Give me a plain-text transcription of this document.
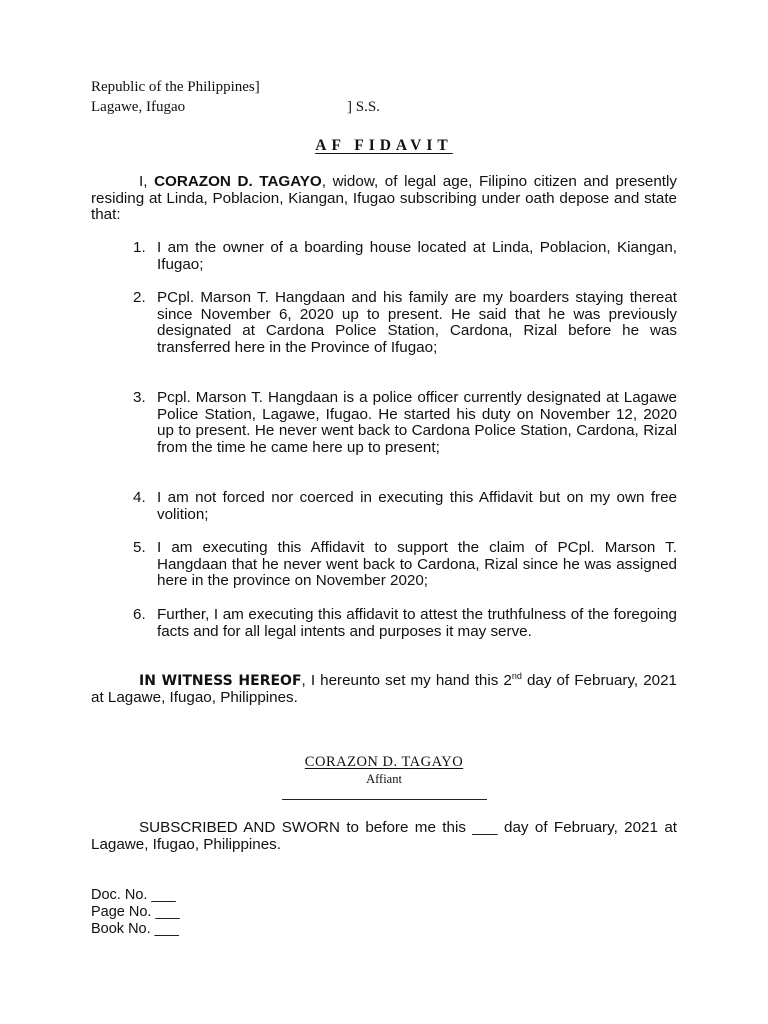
Republic of the Philippines]
Lagawe, Ifugao	] S.S.
AF FIDAVIT
I, CORAZON D. TAGAYO, widow, of legal age, Filipino citizen and presently residing at Linda, Poblacion, Kiangan, Ifugao subscribing under oath depose and state that:
1. I am the owner of a boarding house located at Linda, Poblacion, Kiangan, Ifugao;
2. PCpl. Marson T. Hangdaan and his family are my boarders staying thereat since November 6, 2020 up to present. He said that he was previously designated at Cardona Police Station, Cardona, Rizal before he was transferred here in the Province of Ifugao;
3. Pcpl. Marson T. Hangdaan is a police officer currently designated at Lagawe Police Station, Lagawe, Ifugao. He started his duty on November 12, 2020 up to present. He never went back to Cardona Police Station, Cardona, Rizal from the time he came here up to present;
4. I am not forced nor coerced in executing this Affidavit but on my own free volition;
5. I am executing this Affidavit to support the claim of PCpl. Marson T. Hangdaan that he never went back to Cardona, Rizal since he was assigned here in the province on November 2020;
6. Further, I am executing this affidavit to attest the truthfulness of the foregoing facts and for all legal intents and purposes it may serve.
IN WITNESS HEREOF, I hereunto set my hand this 2nd day of February, 2021 at Lagawe, Ifugao, Philippines.
CORAZON D. TAGAYO
Affiant
SUBSCRIBED AND SWORN to before me this ___ day of February, 2021 at Lagawe, Ifugao, Philippines.
Doc. No. ___
Page No. ___
Book No. ___
